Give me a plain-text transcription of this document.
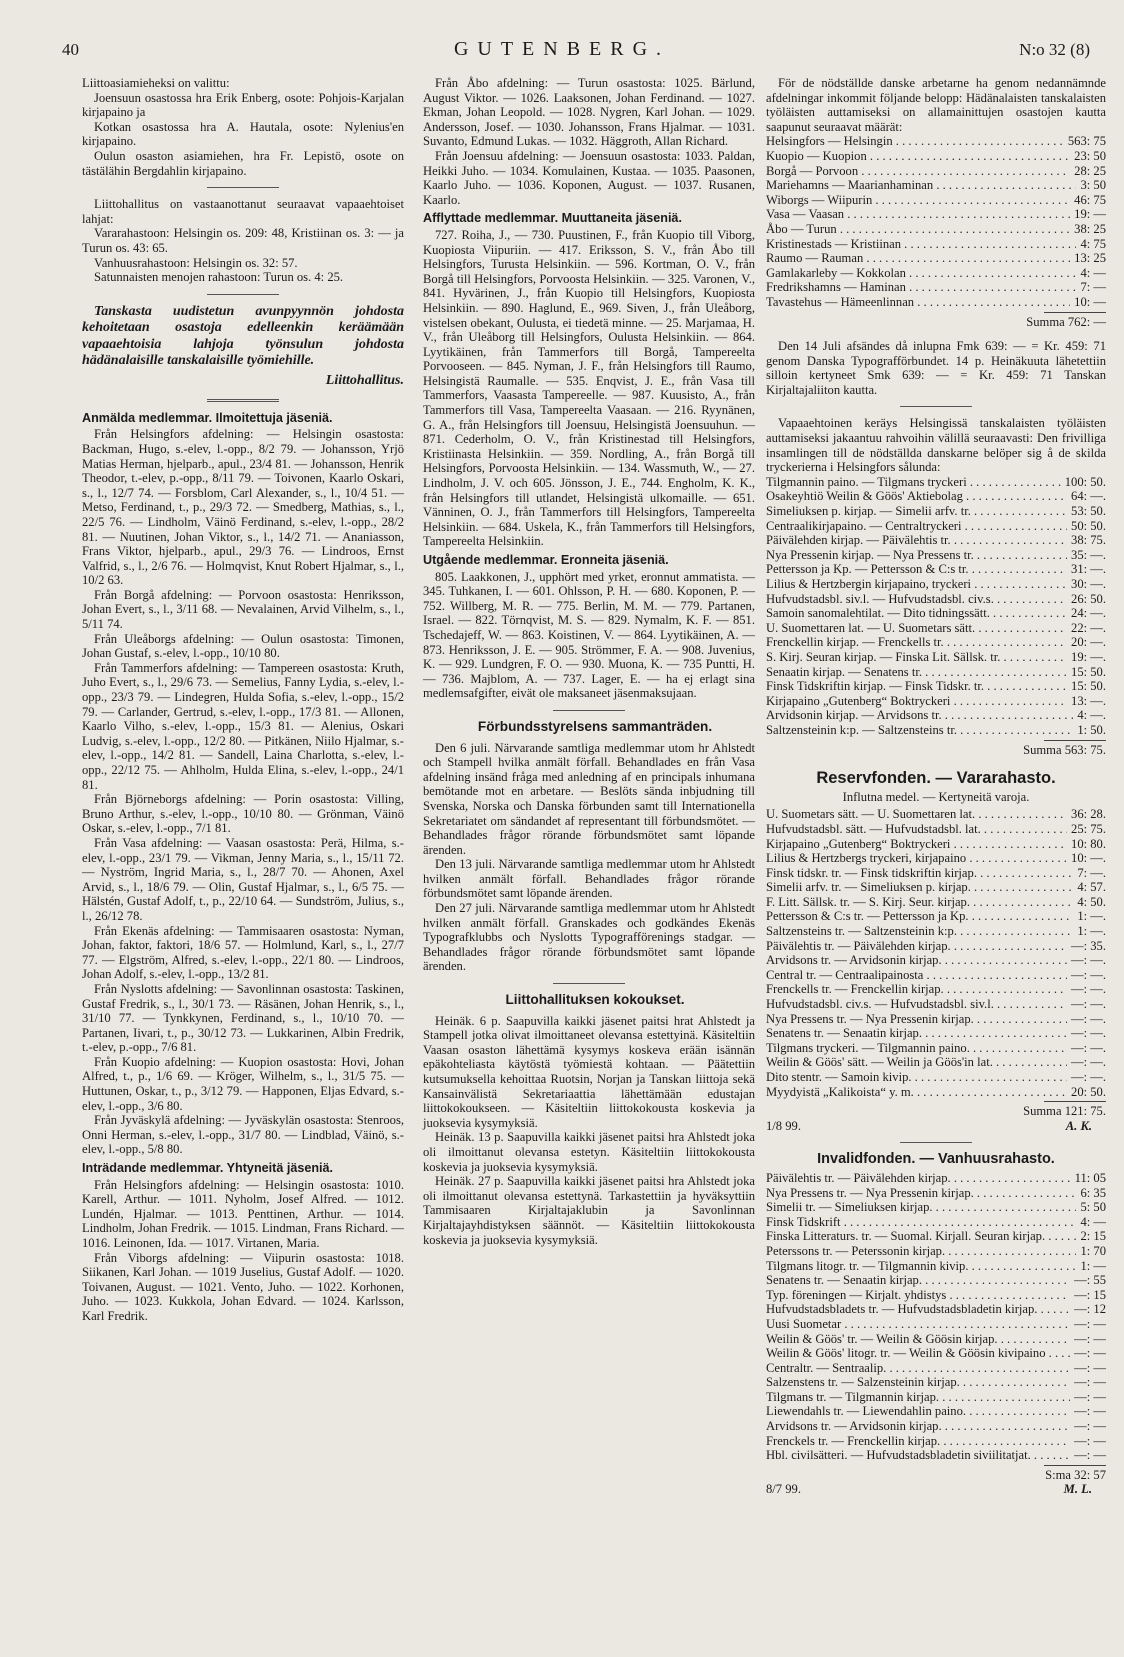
40	GUTENBERG.	N:o 32 (8)

Liittoasiamieheksi on valittu:

Joensuun osastossa hra Erik Enberg, osote: Pohjois-Karjalan kirjapaino ja

Kotkan osastossa hra A. Hautala, osote: Nylenius'en kirjapaino.

Oulun osaston asiamiehen, hra Fr. Lepistö, osote on tästälähin Bergdahlin kirjapaino.

Liittohallitus on vastaanottanut seuraavat vapaaehtoiset lahjat:

Vararahastoon: Helsingin os. 209: 48, Kristiinan os. 3: — ja Turun os. 43: 65.

Vanhuusrahastoon: Helsingin os. 32: 57.

Satunnaisten menojen rahastoon: Turun os. 4: 25.

Tanskasta uudistetun avunpyynnön johdosta kehoitetaan osastoja edelleenkin keräämään vapaaehtoisia lahjoja työnsulun johdosta hädänalaisille tanskalaisille työmiehille.

Liittohallitus.

Anmälda medlemmar. Ilmoitettuja jäseniä.

Från Helsingfors afdelning: — Helsingin osastosta: Backman, Hugo, s.-elev, l.-opp., 8/2 79. — Johansson, Yrjö Matias Herman, hjelparb., apul., 23/4 81. — Johansson, Henrik Theodor, t.-elev, p.-opp., 8/11 79. — Toivonen, Kaarlo Oskari, s., l., 12/7 74. — Forsblom, Carl Alexander, s., l., 10/4 51. — Metso, Ferdinand, t., p., 29/3 72. — Smedberg, Mathias, s., l., 22/5 76. — Lindholm, Väinö Ferdinand, s.-elev, l.-opp., 28/2 81. — Nuutinen, Johan Viktor, s., l., 14/2 71. — Ananiasson, Frans Viktor, hjelparb., apul., 29/3 76. — Lindroos, Ernst Valfrid, s., l., 2/6 76. — Holmqvist, Knut Robert Hjalmar, s., l., 10/2 63.

Från Borgå afdelning: — Porvoon osastosta: Henriksson, Johan Evert, s., l., 3/11 68. — Nevalainen, Arvid Vilhelm, s., l., 5/11 74.

Från Uleåborgs afdelning: — Oulun osastosta: Timonen, Johan Gustaf, s.-elev, l.-opp., 10/10 80.

Från Tammerfors afdelning: — Tampereen osastosta: Kruth, Juho Evert, s., l., 29/6 73. — Semelius, Fanny Lydia, s.-elev, l.-opp., 23/3 79. — Lindegren, Hulda Sofia, s.-elev, l.-opp., 15/2 79. — Carlander, Gertrud, s.-elev, l.-opp., 17/3 81. — Allonen, Kaarlo Vilho, s.-elev, l.-opp., 15/3 81. — Alenius, Oskari Ludvig, s.-elev, l.-opp., 12/2 80. — Pitkänen, Niilo Hjalmar, s.-elev, l.-opp., 14/2 81. — Sandell, Laina Charlotta, s.-elev, l.-opp., 22/12 75. — Ahlholm, Hulda Elina, s.-elev, l.-opp., 24/1 81.

Från Björneborgs afdelning: — Porin osastosta: Villing, Bruno Arthur, s.-elev, l.-opp., 10/10 80. — Grönman, Väinö Oskar, s.-elev, l.-opp., 7/1 81.

Från Vasa afdelning: — Vaasan osastosta: Perä, Hilma, s.-elev, l.-opp., 23/1 79. — Vikman, Jenny Maria, s., l., 15/11 72. — Nyström, Ingrid Maria, s., l., 28/7 70. — Ahonen, Axel Arvid, s., l., 18/6 79. — Olin, Gustaf Hjalmar, s., l., 6/5 75. — Hälstén, Gustaf Adolf, t., p., 22/10 64. — Sundström, Julius, s., l., 26/12 78.

Från Ekenäs afdelning: — Tammisaaren osastosta: Nyman, Johan, faktor, faktori, 18/6 57. — Holmlund, Karl, s., l., 27/7 77. — Elgström, Alfred, s.-elev, l.-opp., 22/1 80. — Lindroos, Johan Adolf, s.-elev, l.-opp., 13/2 81.

Från Nyslotts afdelning: — Savonlinnan osastosta: Taskinen, Gustaf Fredrik, s., l., 30/1 73. — Räsänen, Johan Henrik, s., l., 31/10 77. — Tynkkynen, Ferdinand, s., l., 10/10 70. — Partanen, Iivari, t., p., 30/12 73. — Lukkarinen, Albin Fredrik, t.-elev, p.-opp., 7/6 81.

Från Kuopio afdelning: — Kuopion osastosta: Hovi, Johan Alfred, t., p., 1/6 69. — Kröger, Wilhelm, s., l., 31/5 75. — Huttunen, Oskar, t., p., 3/12 79. — Happonen, Eljas Edvard, s.-elev, l.-opp., 3/6 80.

Från Jyväskylä afdelning: — Jyväskylän osastosta: Stenroos, Onni Herman, s.-elev, l.-opp., 31/7 80. — Lindblad, Väinö, s.-elev, l.-opp., 5/8 80.

Inträdande medlemmar. Yhtyneitä jäseniä.

Från Helsingfors afdelning: — Helsingin osastosta: 1010. Karell, Arthur. — 1011. Nyholm, Josef Alfred. — 1012. Lundén, Hjalmar. — 1013. Penttinen, Arthur. — 1014. Lindholm, Johan Fredrik. — 1015. Lindman, Frans Richard. — 1016. Leinonen, Ida. — 1017. Virtanen, Maria.

Från Viborgs afdelning: — Viipurin osastosta: 1018. Siikanen, Karl Johan. — 1019 Juselius, Gustaf Adolf. — 1020. Toivanen, August. — 1021. Vento, Juho. — 1022. Korhonen, Juho. — 1023. Kukkola, Johan Edvard. — 1024. Karlsson, Karl Fredrik.

Från Åbo afdelning: — Turun osastosta: 1025. Bärlund, August Viktor. — 1026. Laaksonen, Johan Ferdinand. — 1027. Ekman, Johan Leopold. — 1028. Nygren, Karl Johan. — 1029. Andersson, Josef. — 1030. Johansson, Frans Hjalmar. — 1031. Suvanto, Edmund Lukas. — 1032. Häggroth, Allan Richard.

Från Joensuu afdelning: — Joensuun osastosta: 1033. Paldan, Heikki Juho. — 1034. Komulainen, Kustaa. — 1035. Paasonen, Kaarlo Juho. — 1036. Koponen, August. — 1037. Rusanen, Kaarlo.

Afflyttade medlemmar. Muuttaneita jäseniä.

727. Roiha, J., — 730. Puustinen, F., från Kuopio till Viborg, Kuopiosta Viipuriin. — 417. Eriksson, S. V., från Åbo till Helsingfors, Turusta Helsinkiin. — 596. Kortman, O. V., från Borgå till Helsingfors, Porvoosta Helsinkiin. — 325. Varonen, V., 841. Hyvärinen, J., från Kuopio till Helsingfors, Kuopiosta Helsinkiin. — 890. Haglund, E., 969. Siven, J., från Uleåborg, vistelsen obekant, Oulusta, ei tiedetä minne. — 25. Marjamaa, H. V., från Uleåborg till Helsingfors, Oulusta Helsinkiin. — 864. Lyytikäinen, från Tammerfors till Borgå, Tampereelta Porvooseen. — 845. Nyman, J. F., från Helsingfors till Raumo, Helsingistä Raumalle. — 535. Enqvist, J. E., från Vasa till Tammerfors, Vaasasta Tampereelle. — 987. Kuusisto, A., från Tammerfors till Vasa, Tampereelta Vaasaan. — 216. Ryynänen, G. A., från Helsingfors till Joensuu, Helsingistä Joensuuhun. — 871. Cederholm, O. V., från Kristinestad till Helsingfors, Kristiinasta Helsinkiin. — 359. Nordling, A., från Borgå till Helsingfors, Porvoosta Helsinkiin. — 134. Wassmuth, W., — 27. Lindholm, J. V. och 605. Jönsson, J. E., 744. Engholm, K. K., från Helsingfors till utlandet, Helsingistä ulkomaille. — 651. Vänninen, O. J., från Tammerfors till Helsingfors, Tampereelta Helsinkiin. — 684. Uskela, K., från Tammerfors till Helsingfors, Tampereelta Helsinkiin.

Utgående medlemmar. Eronneita jäseniä.

805. Laakkonen, J., upphört med yrket, eronnut ammatista. — 345. Tuhkanen, I. — 601. Ohlsson, P. H. — 680. Koponen, P. — 752. Willberg, M. R. — 775. Berlin, M. M. — 779. Partanen, Israel. — 822. Törnqvist, M. S. — 829. Nymalm, K. F. — 851. Tschedajeff, W. — 863. Koistinen, V. — 864. Lyytikäinen, A. — 873. Henriksson, J. E. — 905. Strömmer, F. A. — 908. Juvenius, K. — 929. Lundgren, F. O. — 930. Muona, K. — 735 Puntti, H. — 736. Majblom, A. — 737. Lager, E. — ha ej erlagt sina medlemsafgifter, eivät ole maksaneet jäsenmaksujaan.

Förbundsstyrelsens sammanträden.

Den 6 juli. Närvarande samtliga medlemmar utom hr Ahlstedt och Stampell hvilka anmält förfall. Behandlades en från Vasa afdelning insänd fråga med anledning af en principals inhumana bemötande mot en arbetare. — Beslöts sända inbjudning till Svenska, Norska och Danska förbunden samt till Internationella Sekretariatet om sändandet af representant till förbundsmötet. — Behandlades frågor rörande förbundsmötet samt löpande ärenden.

Den 13 juli. Närvarande samtliga medlemmar utom hr Ahlstedt hvilken anmält förfall. Behandlades frågor rörande förbundsmötet samt löpande ärenden.

Den 27 juli. Närvarande samtliga medlemmar utom hr Ahlstedt hvilken anmält förfall. Granskades och godkändes Ekenäs Typografklubbs och Nyslotts Typografförenings stadgar. — Behandlades frågor rörande förbundsmötet samt löpande ärenden.

Liittohallituksen kokoukset.

Heinäk. 6 p. Saapuvilla kaikki jäsenet paitsi hrat Ahlstedt ja Stampell jotka olivat ilmoittaneet olevansa estettyinä. Käsiteltiin Vaasan osaston lähettämä kysymys koskeva erään isännän epäkohteliasta käytöstä työmiestä kohtaan. — Päätettiin kutsumuksella kehoittaa Ruotsin, Norjan ja Tanskan liittoja sekä Kansainvälistä Sekretariaattia lähettämään edustajan liittokokoukseen. — Käsiteltiin liittokokousta koskevia ja juoksevia kysymyksiä.

Heinäk. 13 p. Saapuvilla kaikki jäsenet paitsi hra Ahlstedt joka oli ilmoittanut olevansa estetyn. Käsiteltiin liittokokousta koskevia ja juoksevia kysymyksiä.

Heinäk. 27 p. Saapuvilla kaikki jäsenet paitsi hra Ahlstedt joka oli ilmoittanut olevansa estettynä. Tarkastettiin ja hyväksyttiin Tammisaaren Kirjaltajaklubin ja Savonlinnan Kirjaltajayhdistyksen säännöt. — Käsiteltiin liittokokousta koskevia ja juoksevia kysymyksiä.

För de nödställde danske arbetarne ha genom nedannämnde afdelningar inkommit följande belopp: Hädänalaisten tanskalaisten työläisten auttamiseksi on allamainittujen osastojen kautta saapunut seuraavat määrät:

Helsingfors — Helsingin . . .	563: 75
Kuopio — Kuopion . . .	23: 50
Borgå — Porvoon . . .	28: 25
Mariehamns — Maarianhaminan . . .	3: 50
Wiborgs — Wiipurin . . .	46: 75
Vasa — Vaasan . . .	19: —
Åbo — Turun . . .	38: 25
Kristinestads — Kristiinan . . .	4: 75
Raumo — Rauman . . .	13: 25
Gamlakarleby — Kokkolan . . .	4: —
Fredrikshamns — Haminan . . .	7: —
Tavastehus — Hämeenlinnan . . .	10: —
Summa 762: —

Den 14 Juli afsändes då inlupna Fmk 639: — = Kr. 459: 71 genom Danska Typografförbundet. 14 p. Heinäkuuta lähetettiin silloin kertyneet Smk 639: — = Kr. 459: 71 Tanskan Kirjaltajaliiton kautta.

Vapaaehtoinen keräys Helsingissä tanskalaisten työläisten auttamiseksi jakaantuu rahvoihin välillä seuraavasti: Den frivilliga insamlingen till de nödställda danskarne belöper sig å de skilda tryckerierna i Helsingfors sålunda:

Tilgmannin paino. — Tilgmans tryckeri . . .	100: 50.
Osakeyhtiö Weilin & Göös' Aktiebolag . . .	64: —.
Simeliuksen p. kirjap. — Simelii arfv. tr. . . .	53: 50.
Centraalikirjapaino. — Centraltryckeri . . .	50: 50.
Päivälehden kirjap. — Päivälehtis tr. . . .	38: 75.
Nya Pressenin kirjap. — Nya Pressens tr. . . .	35: —.
Pettersson ja Kp. — Pettersson & C:s tr. . . .	31: —.
Lilius & Hertzbergin kirjapaino, tryckeri . . .	30: —.
Hufvudstadsbl. siv.l. — Hufvudstadsbl. civ.s. . . .	26: 50.
Samoin sanomalehtilat. — Dito tidningssätt. . . .	24: —.
U. Suomettaren lat. — U. Suometars sätt. . . .	22: —.
Frenckellin kirjap. — Frenckells tr. . . .	20: —.
S. Kirj. Seuran kirjap. — Finska Lit. Sällsk. tr. . . .	19: —.
Senaatin kirjap. — Senatens tr. . . .	15: 50.
Finsk Tidskriftin kirjap. — Finsk Tidskr. tr. . . .	15: 50.
Kirjapaino „Gutenberg“ Boktryckeri . . .	13: —.
Arvidsonin kirjap. — Arvidsons tr. . . .	4: —.
Saltzensteinin k:p. — Saltzensteins tr. . . .	1: 50.
Summa 563: 75.
Reservfonden. — Vararahasto.
Influtna medel. — Kertyneitä varoja.
U. Suometars sätt. — U. Suomettaren lat. . . .	36: 28.
Hufvudstadsbl. sätt. — Hufvudstadsbl. lat. . . .	25: 75.
Kirjapaino „Gutenberg“ Boktryckeri . . .	10: 80.
Lilius & Hertzbergs tryckeri, kirjapaino . . .	10: —.
Finsk tidskr. tr. — Finsk tidskriftin kirjap. . . .	7: —.
Simelii arfv. tr. — Simeliuksen p. kirjap. . . .	4: 57.
F. Litt. Sällsk. tr. — S. Kirj. Seur. kirjap. . . .	4: 50.
Pettersson & C:s tr. — Pettersson ja Kp. . . .	1: —.
Saltzensteins tr. — Saltzensteinin k:p. . . .	1: —.
Päivälehtis tr. — Päivälehden kirjap. . . .	—: 35.
Arvidsons tr. — Arvidsonin kirjap. . . .	—: —.
Central tr. — Centraalipainosta . . .	—: —.
Frenckells tr. — Frenckellin kirjap. . . .	—: —.
Hufvudstadsbl. civ.s. — Hufvudstadsbl. siv.l. . . .	—: —.
Nya Pressens tr. — Nya Pressenin kirjap. . . .	—: —.
Senatens tr. — Senaatin kirjap. . . .	—: —.
Tilgmans tryckeri. — Tilgmannin paino. . . .	—: —.
Weilin & Göös' sätt. — Weilin ja Göös'in lat. . . .	—: —.
Dito stentr. — Samoin kivip. . . .	—: —.
Myydyistä „Kalikoista“ y. m. . . .	20: 50.
Summa 121: 75.
1/8 99.	A. K.
Invalidfonden. — Vanhuusrahasto.
Päivälehtis tr. — Päivälehden kirjap. . . .	11: 05
Nya Pressens tr. — Nya Pressenin kirjap. . . .	6: 35
Simelii tr. — Simeliuksen kirjap. . . .	5: 50
Finsk Tidskrift . . .	4: —
Finska Litteraturs. tr. — Suomal. Kirjall. Seuran kirjap. . . .	2: 15
Peterssons tr. — Peterssonin kirjap. . . .	1: 70
Tilgmans litogr. tr. — Tilgmannin kivip. . . .	1: —
Senatens tr. — Senaatin kirjap. . . .	—: 55
Typ. föreningen — Kirjalt. yhdistys . . .	—: 15
Hufvudstadsbladets tr. — Hufvudstadsbladetin kirjap. . . .	—: 12
Uusi Suometar . . .	—: —
Weilin & Göös' tr. — Weilin & Göösin kirjap. . . .	—: —
Weilin & Göös' litogr. tr. — Weilin & Göösin kivipaino . . .	—: —
Centraltr. — Sentraalip. . . .	—: —
Salzenstens tr. — Salzensteinin kirjap. . . .	—: —
Tilgmans tr. — Tilgmannin kirjap. . . .	—: —
Liewendahls tr. — Liewendahlin paino. . . .	—: —
Arvidsons tr. — Arvidsonin kirjap. . . .	—: —
Frenckels tr. — Frenckellin kirjap. . . .	—: —
Hbl. civilsätteri. — Hufvudstadsbladetin siviilitatjat. . . .	—: —
S:ma 32: 57
8/7 99.	M. L.
